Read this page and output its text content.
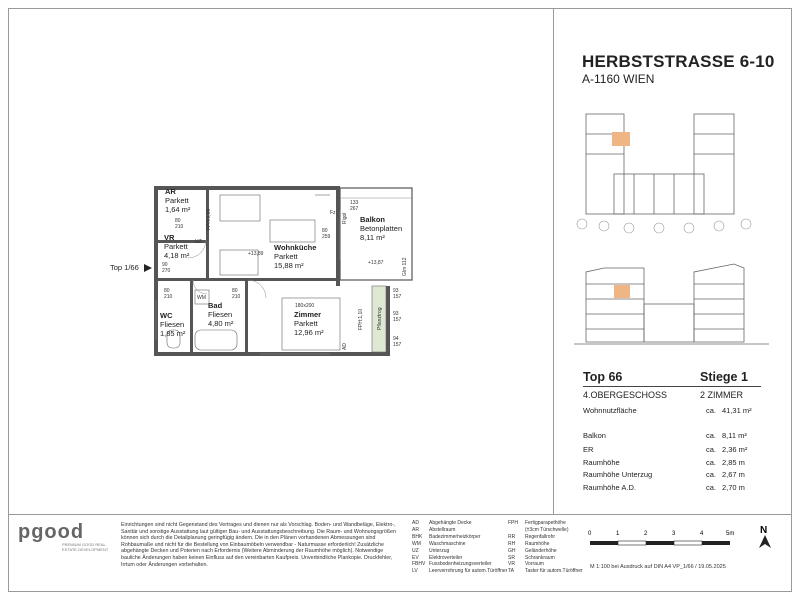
AR
Parkett
1,64 m²
VR
Parkett
4,18 m²
Wohnküche
Parkett
15,88 m²
Balkon
Betonplatten
8,11 m²
WC
Fliesen
1,85 m²
Bad
Fliesen
4,80 m²
Zimmer
Parkett
12,96 m²
+13,89
+13,87
180x200
WM
UZ
80
210
80
259
133
267
90
270
80
210
80
210
93
157
93
157
94
157
FPH:0,90
FPH:1,10	Pflanztrog
Rigol
Glm 112
AD
Fz
Top 1/66
HERBSTSTRASSE 6-10
A-1160 WIEN
Top 66	Stiege 1
4.OBERGESCHOSS	2 ZIMMER
Wohnnutzfläche	ca. 41,31 m²
Balkon	ca. 8,11 m²
ER	ca. 2,36 m²
Raumhöhe	ca. 2,85 m
Raumhöhe Unterzug	ca. 2,67 m
Raumhöhe A.D.	ca. 2,70 m
pgood
PREMIUM GOOD REAL
ESTATE DEVELOPMENT
Einrichtungen sind nicht Gegenstand des Vertrages und dienen nur als Vorschlag. Boden- und Wandbeläge, Elektro-, Sanitär und sonstige Ausstattung laut gültiger Bau- und Ausstattungsbeschreibung. Die Raum- und Wohnungsgrößen können sich durch die Detailplanung geringfügig ändern. Die in den Plänen vorhandenen Abmessungen sind Rohbaumaße und nicht für die Bestellung von Einbaumöbeln verwendbar - Naturmasse erforderlich! Zusätzliche abgehängte Decken und Poterien nach Erfordernis (Weitere Abminderung der Raumhöhe möglich). Notwendige bauliche Änderungen haben keinen Einfluss auf den vereinbarten Kaufpreis. Unverbindliche Plankopie. Druckfehler, Irrtum oder Änderungen vorbehalten.
AD Abgehängte Decke
AR Abstellraum
BHK Badezimmerheizkörper
WM Waschmaschine
UZ Unterzug
EV Elektroverteiler
FBHV Fussbodenheizungsverteiler
LV Leerverrohrung für autom.Türöffner
FPH Fertigparapethöhe
(±3cm Türschwelle)
RR Regenfallrohr
RH Raumhöhe
GH Geländerhöhe
SR Schrankraum
VR Vorraum
TA Taster für autom.Türöffner
0	1	2	3	4	5m
M 1:100 bei Ausdruck auf DIN A4 VP_1/66 / 19.05.2025
N
